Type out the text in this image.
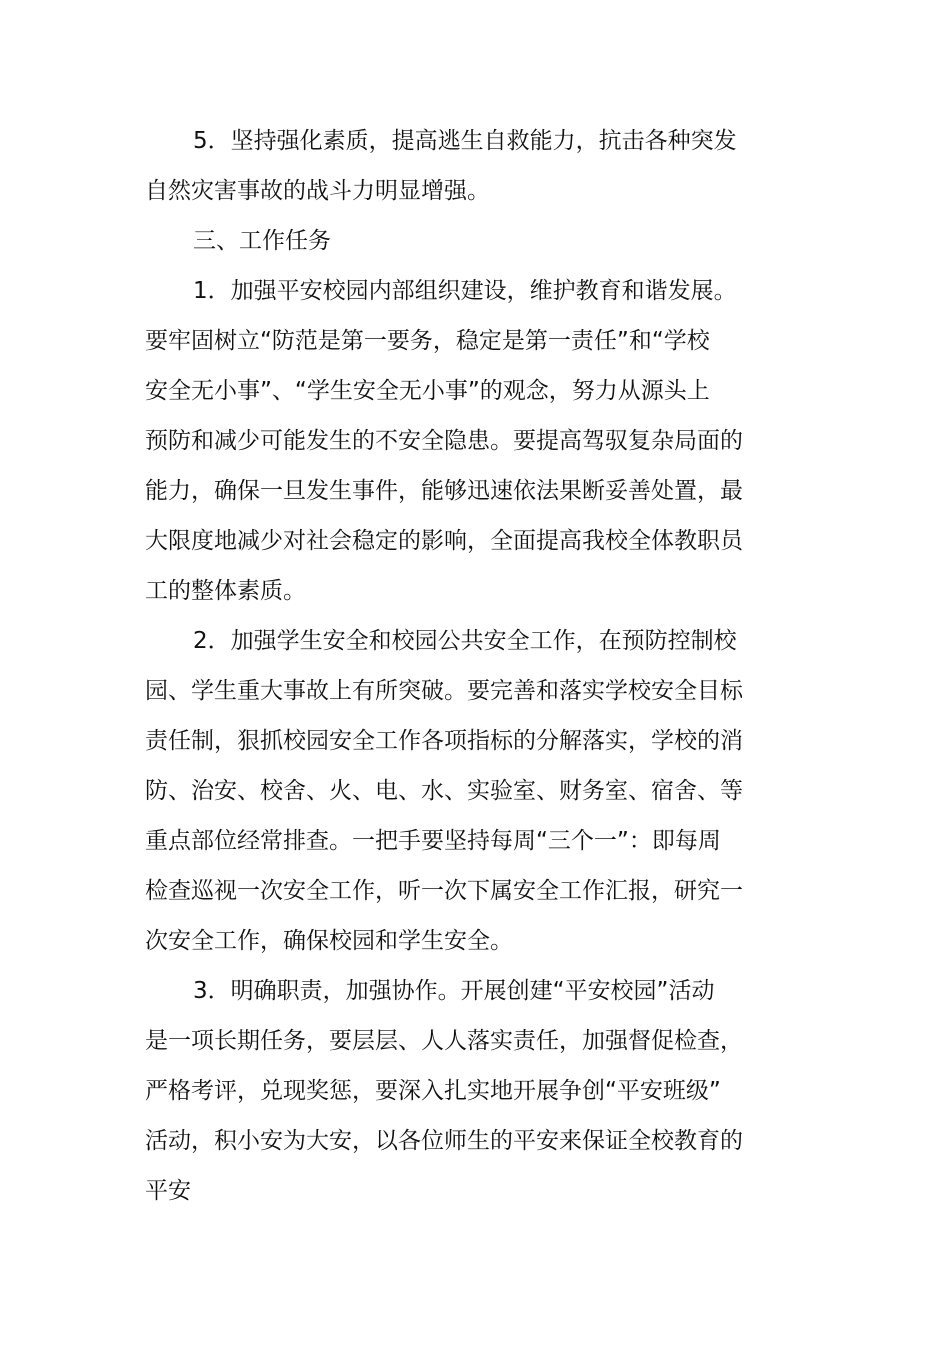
5．坚持强化素质，提高逃生自救能力，抗击各种突发
自然灾害事故的战斗力明显增强。
三、工作任务
1．加强平安校园内部组织建设，维护教育和谐发展。
要牢固树立“防范是第一要务，稳定是第一责任”和“学校
安全无小事”、“学生安全无小事”的观念，努力从源头上
预防和减少可能发生的不安全隐患。要提高驾驭复杂局面的
能力，确保一旦发生事件，能够迅速依法果断妥善处置，最
大限度地减少对社会稳定的影响，全面提高我校全体教职员
工的整体素质。
2．加强学生安全和校园公共安全工作，在预防控制校
园、学生重大事故上有所突破。要完善和落实学校安全目标
责任制，狠抓校园安全工作各项指标的分解落实，学校的消
防、治安、校舍、火、电、水、实验室、财务室、宿舍、等
重点部位经常排查。一把手要坚持每周“三个一”：即每周
检查巡视一次安全工作，听一次下属安全工作汇报，研究一
次安全工作，确保校园和学生安全。
3．明确职责，加强协作。开展创建“平安校园”活动
是一项长期任务，要层层、人人落实责任，加强督促检查，
严格考评，兑现奖惩，要深入扎实地开展争创“平安班级”
活动，积小安为大安，以各位师生的平安来保证全校教育的
平安
